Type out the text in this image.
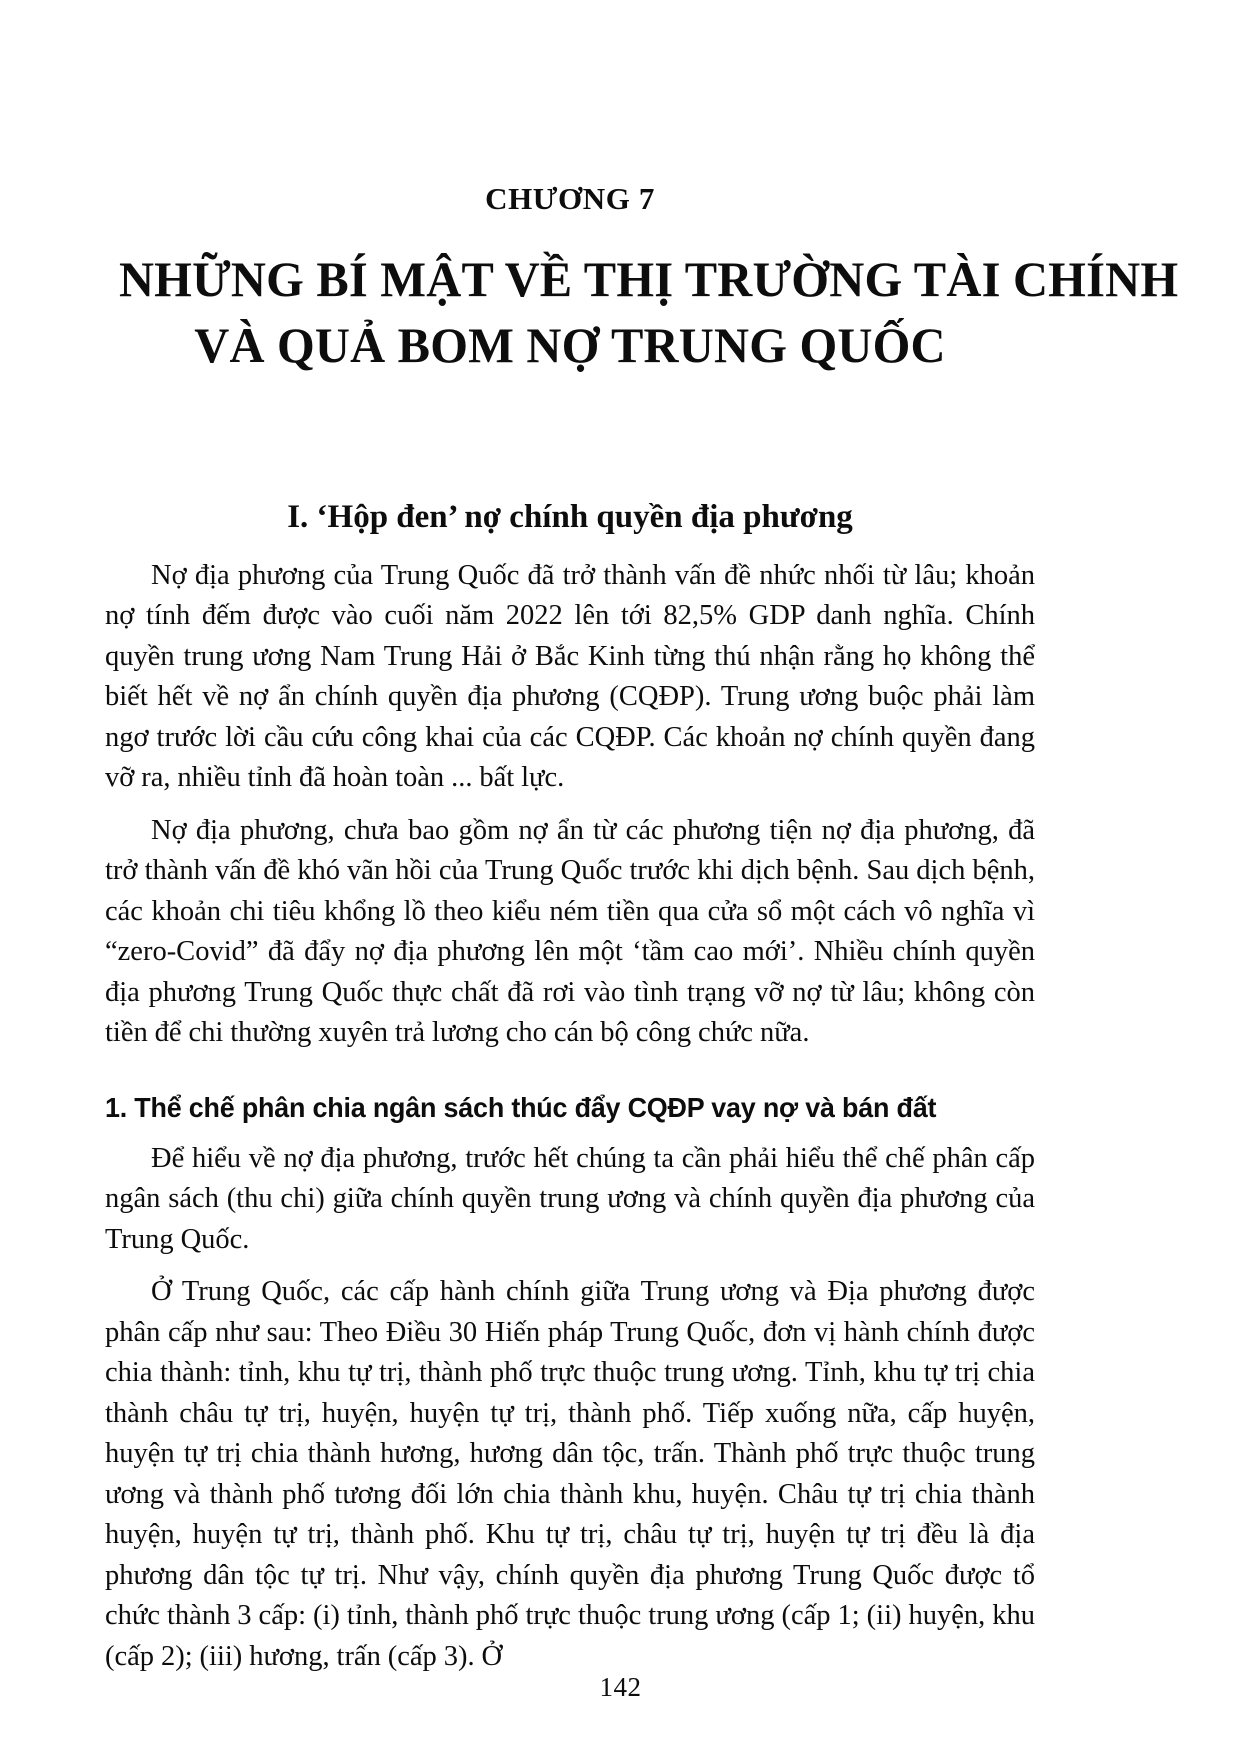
CHƯƠNG 7
NHỮNG BÍ MẬT VỀ THỊ TRƯỜNG TÀI CHÍNH
VÀ QUẢ BOM NỢ TRUNG QUỐC
I. ‘Hộp đen’ nợ chính quyền địa phương

Nợ địa phương của Trung Quốc đã trở thành vấn đề nhức nhối từ lâu; khoản nợ tính đếm được vào cuối năm 2022 lên tới 82,5% GDP danh nghĩa. Chính quyền trung ương Nam Trung Hải ở Bắc Kinh từng thú nhận rằng họ không thể biết hết về nợ ẩn chính quyền địa phương (CQĐP). Trung ương buộc phải làm ngơ trước lời cầu cứu công khai của các CQĐP. Các khoản nợ chính quyền đang vỡ ra, nhiều tỉnh đã hoàn toàn ... bất lực.

Nợ địa phương, chưa bao gồm nợ ẩn từ các phương tiện nợ địa phương, đã trở thành vấn đề khó vãn hồi của Trung Quốc trước khi dịch bệnh. Sau dịch bệnh, các khoản chi tiêu khổng lồ theo kiểu ném tiền qua cửa sổ một cách vô nghĩa vì “zero-Covid” đã đẩy nợ địa phương lên một ‘tầm cao mới’. Nhiều chính quyền địa phương Trung Quốc thực chất đã rơi vào tình trạng vỡ nợ từ lâu; không còn tiền để chi thường xuyên trả lương cho cán bộ công chức nữa.

1. Thể chế phân chia ngân sách thúc đẩy CQĐP vay nợ và bán đất

Để hiểu về nợ địa phương, trước hết chúng ta cần phải hiểu thể chế phân cấp ngân sách (thu chi) giữa chính quyền trung ương và chính quyền địa phương của Trung Quốc.

Ở Trung Quốc, các cấp hành chính giữa Trung ương và Địa phương được phân cấp như sau: Theo Điều 30 Hiến pháp Trung Quốc, đơn vị hành chính được chia thành: tỉnh, khu tự trị, thành phố trực thuộc trung ương. Tỉnh, khu tự trị chia thành châu tự trị, huyện, huyện tự trị, thành phố. Tiếp xuống nữa, cấp huyện, huyện tự trị chia thành hương, hương dân tộc, trấn. Thành phố trực thuộc trung ương và thành phố tương đối lớn chia thành khu, huyện. Châu tự trị chia thành huyện, huyện tự trị, thành phố. Khu tự trị, châu tự trị, huyện tự trị đều là địa phương dân tộc tự trị. Như vậy, chính quyền địa phương Trung Quốc được tổ chức thành 3 cấp: (i) tỉnh, thành phố trực thuộc trung ương (cấp 1; (ii) huyện, khu (cấp 2); (iii) hương, trấn (cấp 3). Ở

142
